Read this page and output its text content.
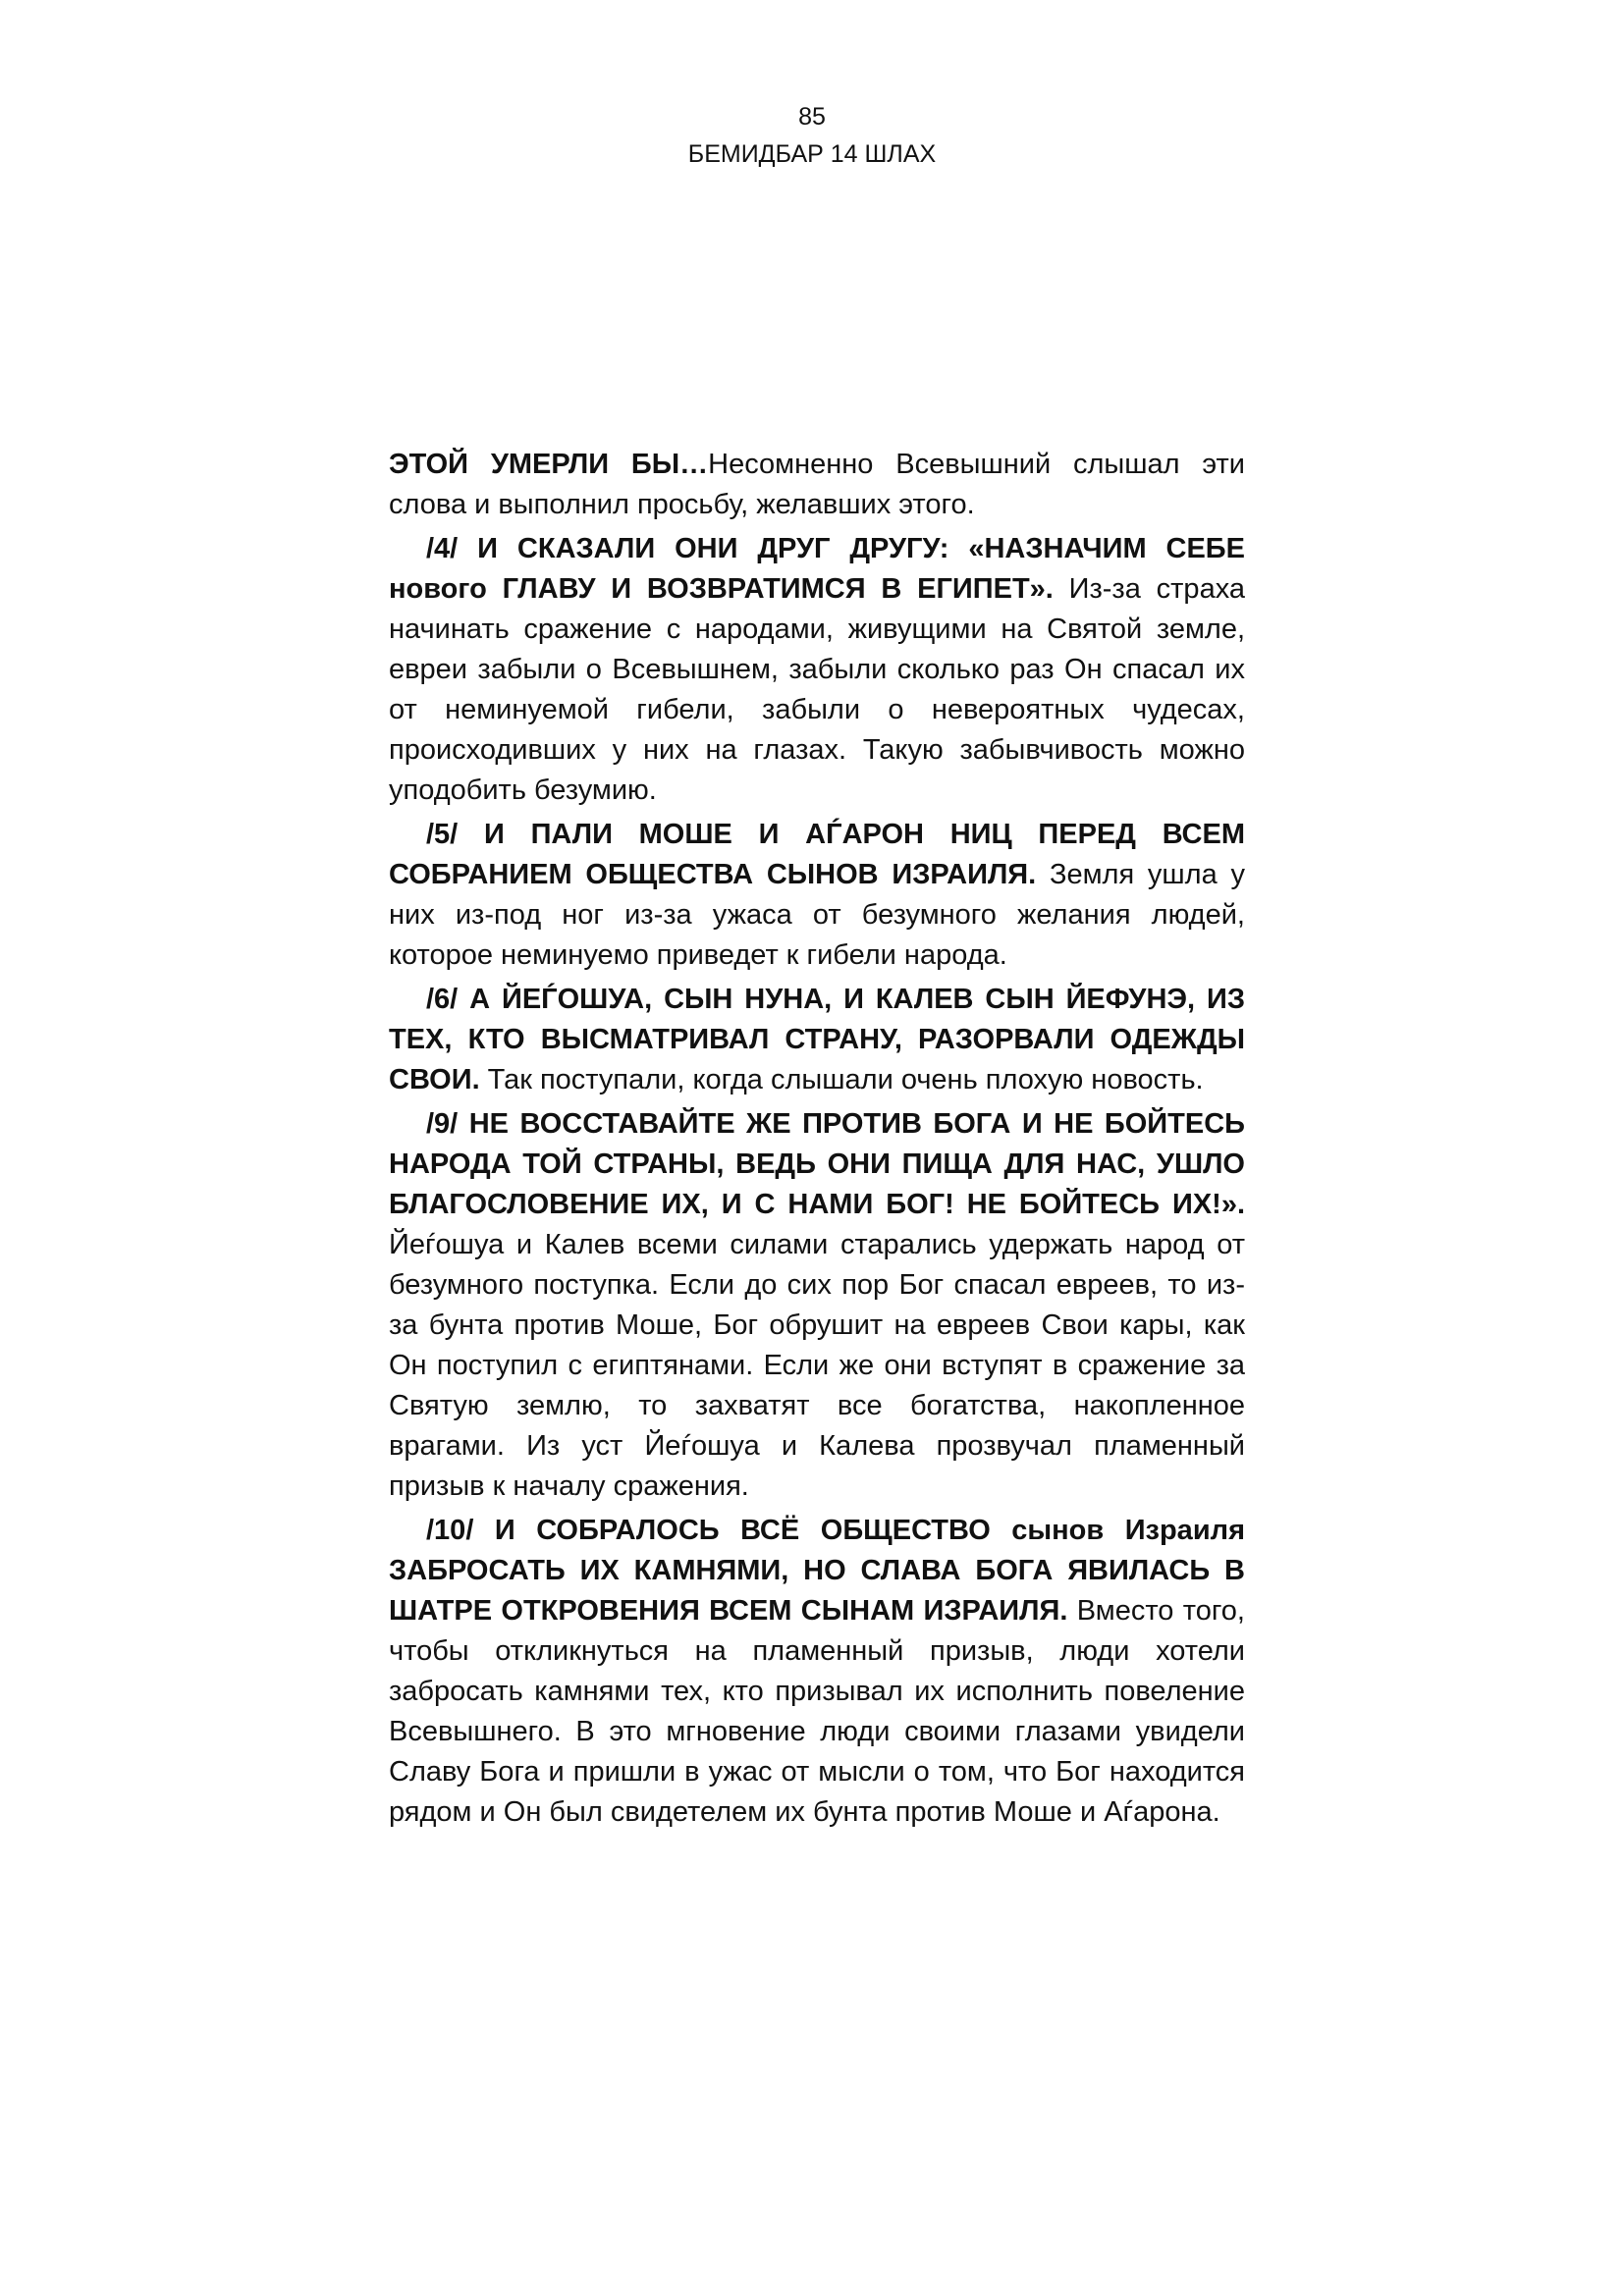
85
БЕМИДБАР 14 ШЛАХ

ЭТОЙ УМЕРЛИ БЫ…Несомненно Всевышний слышал эти слова и выполнил просьбу, желавших этого.

/4/ И СКАЗАЛИ ОНИ ДРУГ ДРУГУ: «НАЗНАЧИМ СЕБЕ нового ГЛАВУ И ВОЗВРАТИМСЯ В ЕГИПЕТ». Из-за страха начинать сражение с народами, живущими на Святой земле, евреи забыли о Всевышнем, забыли сколько раз Он спасал их от неминуемой гибели, забыли о невероятных чудесах, происходивших у них на глазах. Такую забывчивость можно уподобить безумию.

/5/ И ПАЛИ МОШЕ И АЃАРОН НИЦ ПЕРЕД ВСЕМ СОБРАНИЕМ ОБЩЕСТВА СЫНОВ ИЗРАИЛЯ. Земля ушла у них из-под ног из-за ужаса от безумного желания людей, которое неминуемо приведет к гибели народа.

/6/ А ЙЕЃОШУА, СЫН НУНА, И КАЛЕВ СЫН ЙЕФУНЭ, ИЗ ТЕХ, КТО ВЫСМАТРИВАЛ СТРАНУ, РАЗОРВАЛИ ОДЕЖДЫ СВОИ. Так поступали, когда слышали очень плохую новость.

/9/ НЕ ВОССТАВАЙТЕ ЖЕ ПРОТИВ БОГА И НЕ БОЙТЕСЬ НАРОДА ТОЙ СТРАНЫ, ВЕДЬ ОНИ ПИЩА ДЛЯ НАС, УШЛО БЛАГОСЛОВЕНИЕ ИХ, И С НАМИ БОГ! НЕ БОЙТЕСЬ ИХ!». Йеѓошуа и Калев всеми силами старались удержать народ от безумного поступка. Если до сих пор Бог спасал евреев, то из-за бунта против Моше, Бог обрушит на евреев Свои кары, как Он поступил с египтянами. Если же они вступят в сражение за Святую землю, то захватят все богатства, накопленное врагами. Из уст Йеѓошуа и Калева прозвучал пламенный призыв к началу сражения.

/10/ И СОБРАЛОСЬ ВСЁ ОБЩЕСТВО сынов Израиля ЗАБРОСАТЬ ИХ КАМНЯМИ, НО СЛАВА БОГА ЯВИЛАСЬ В ШАТРЕ ОТКРОВЕНИЯ ВСЕМ СЫНАМ ИЗРАИЛЯ. Вместо того, чтобы откликнуться на пламенный призыв, люди хотели забросать камнями тех, кто призывал их исполнить повеление Всевышнего. В это мгновение люди своими глазами увидели Славу Бога и пришли в ужас от мысли о том, что Бог находится рядом и Он был свидетелем их бунта против Моше и Аѓарона.
